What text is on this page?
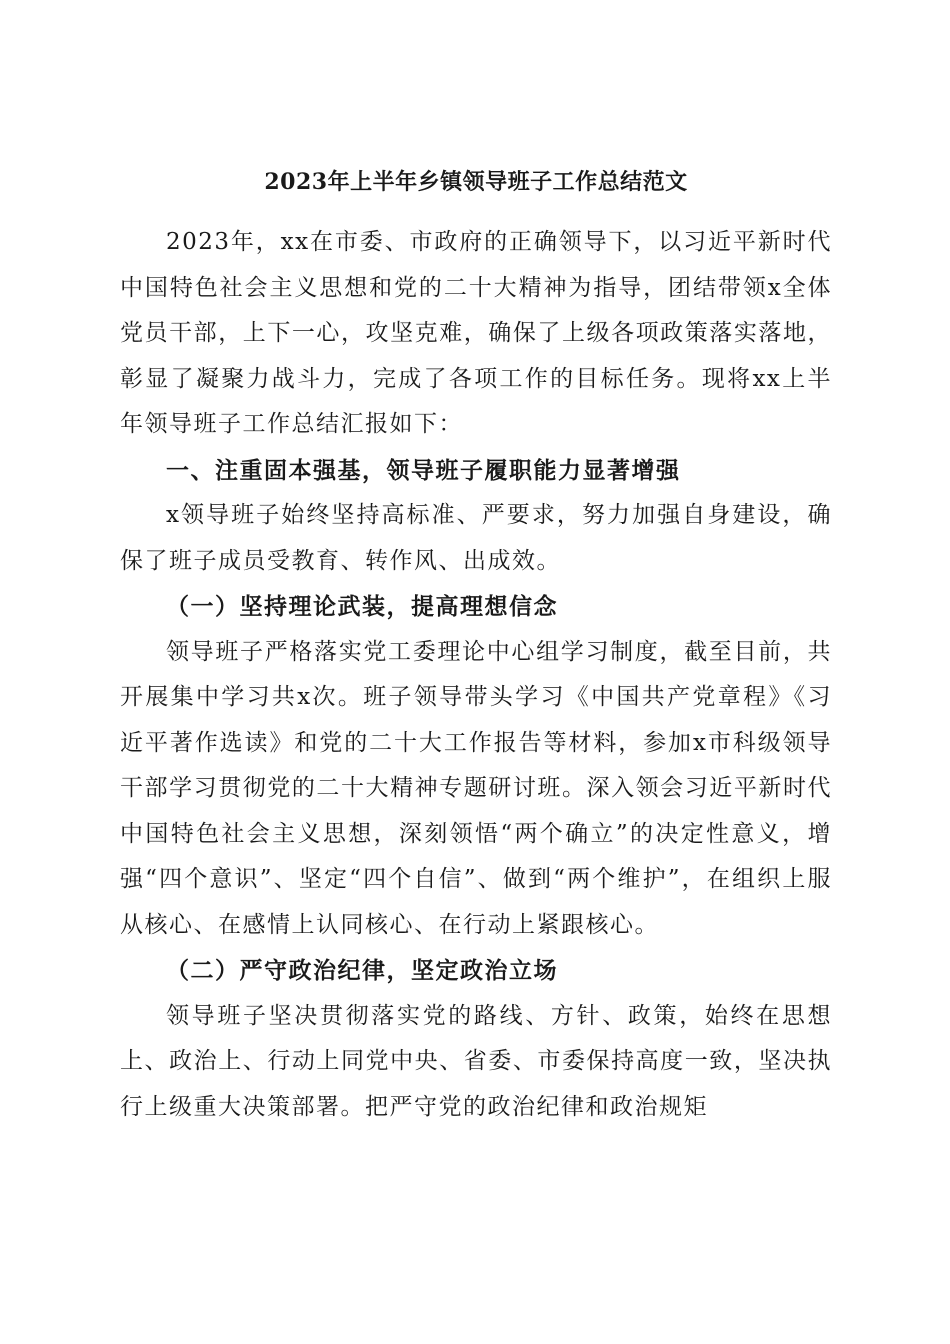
2023年上半年乡镇领导班子工作总结范文

2023年，xx在市委、市政府的正确领导下，以习近平新时代中国特色社会主义思想和党的二十大精神为指导，团结带领x全体党员干部，上下一心，攻坚克难，确保了上级各项政策落实落地，彰显了凝聚力战斗力，完成了各项工作的目标任务。现将xx上半年领导班子工作总结汇报如下：

一、注重固本强基，领导班子履职能力显著增强

x领导班子始终坚持高标准、严要求，努力加强自身建设，确保了班子成员受教育、转作风、出成效。

（一）坚持理论武装，提高理想信念

领导班子严格落实党工委理论中心组学习制度，截至目前，共开展集中学习共x次。班子领导带头学习《中国共产党章程》《习近平著作选读》和党的二十大工作报告等材料，参加x市科级领导干部学习贯彻党的二十大精神专题研讨班。深入领会习近平新时代中国特色社会主义思想，深刻领悟“两个确立”的决定性意义，增强“四个意识”、坚定“四个自信”、做到“两个维护”，在组织上服从核心、在感情上认同核心、在行动上紧跟核心。

（二）严守政治纪律，坚定政治立场

领导班子坚决贯彻落实党的路线、方针、政策，始终在思想上、政治上、行动上同党中央、省委、市委保持高度一致，坚决执行上级重大决策部署。把严守党的政治纪律和政治规矩
